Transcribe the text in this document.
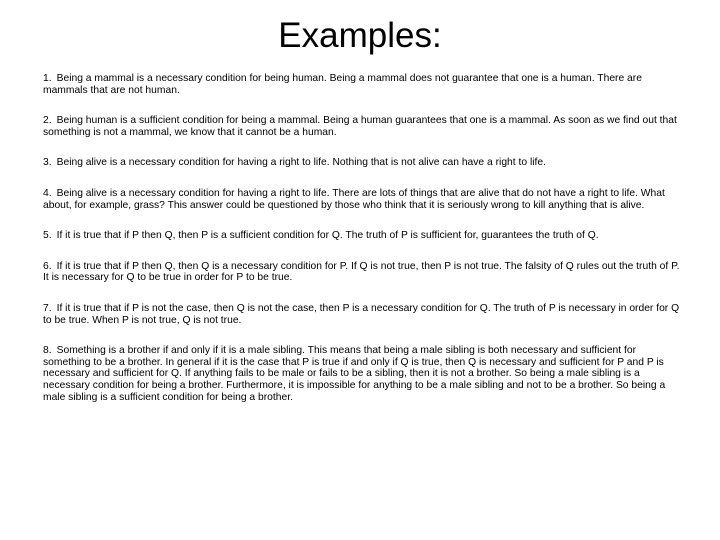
Examples:

1. Being a mammal is a necessary condition for being human. Being a mammal does not guarantee that one is a human. There are mammals that are not human.

2. Being human is a sufficient condition for being a mammal. Being a human guarantees that one is a mammal. As soon as we find out that something is not a mammal, we know that it cannot be a human.

3. Being alive is a necessary condition for having a right to life. Nothing that is not alive can have a right to life.

4. Being alive is a necessary condition for having a right to life. There are lots of things that are alive that do not have a right to life. What about, for example, grass? This answer could be questioned by those who think that it is seriously wrong to kill anything that is alive.

5. If it is true that if P then Q, then P is a sufficient condition for Q. The truth of P is sufficient for, guarantees the truth of Q.

6. If it is true that if P then Q, then Q is a necessary condition for P. If Q is not true, then P is not true. The falsity of Q rules out the truth of P. It is necessary for Q to be true in order for P to be true.

7. If it is true that if P is not the case, then Q is not the case, then P is a necessary condition for Q. The truth of P is necessary in order for Q to be true. When P is not true, Q is not true.

8. Something is a brother if and only if it is a male sibling. This means that being a male sibling is both necessary and sufficient for something to be a brother. In general if it is the case that P is true if and only if Q is true, then Q is necessary and sufficient for P and P is necessary and sufficient for Q. If anything fails to be male or fails to be a sibling, then it is not a brother. So being a male sibling is a necessary condition for being a brother. Furthermore, it is impossible for anything to be a male sibling and not to be a brother. So being a male sibling is a sufficient condition for being a brother.
